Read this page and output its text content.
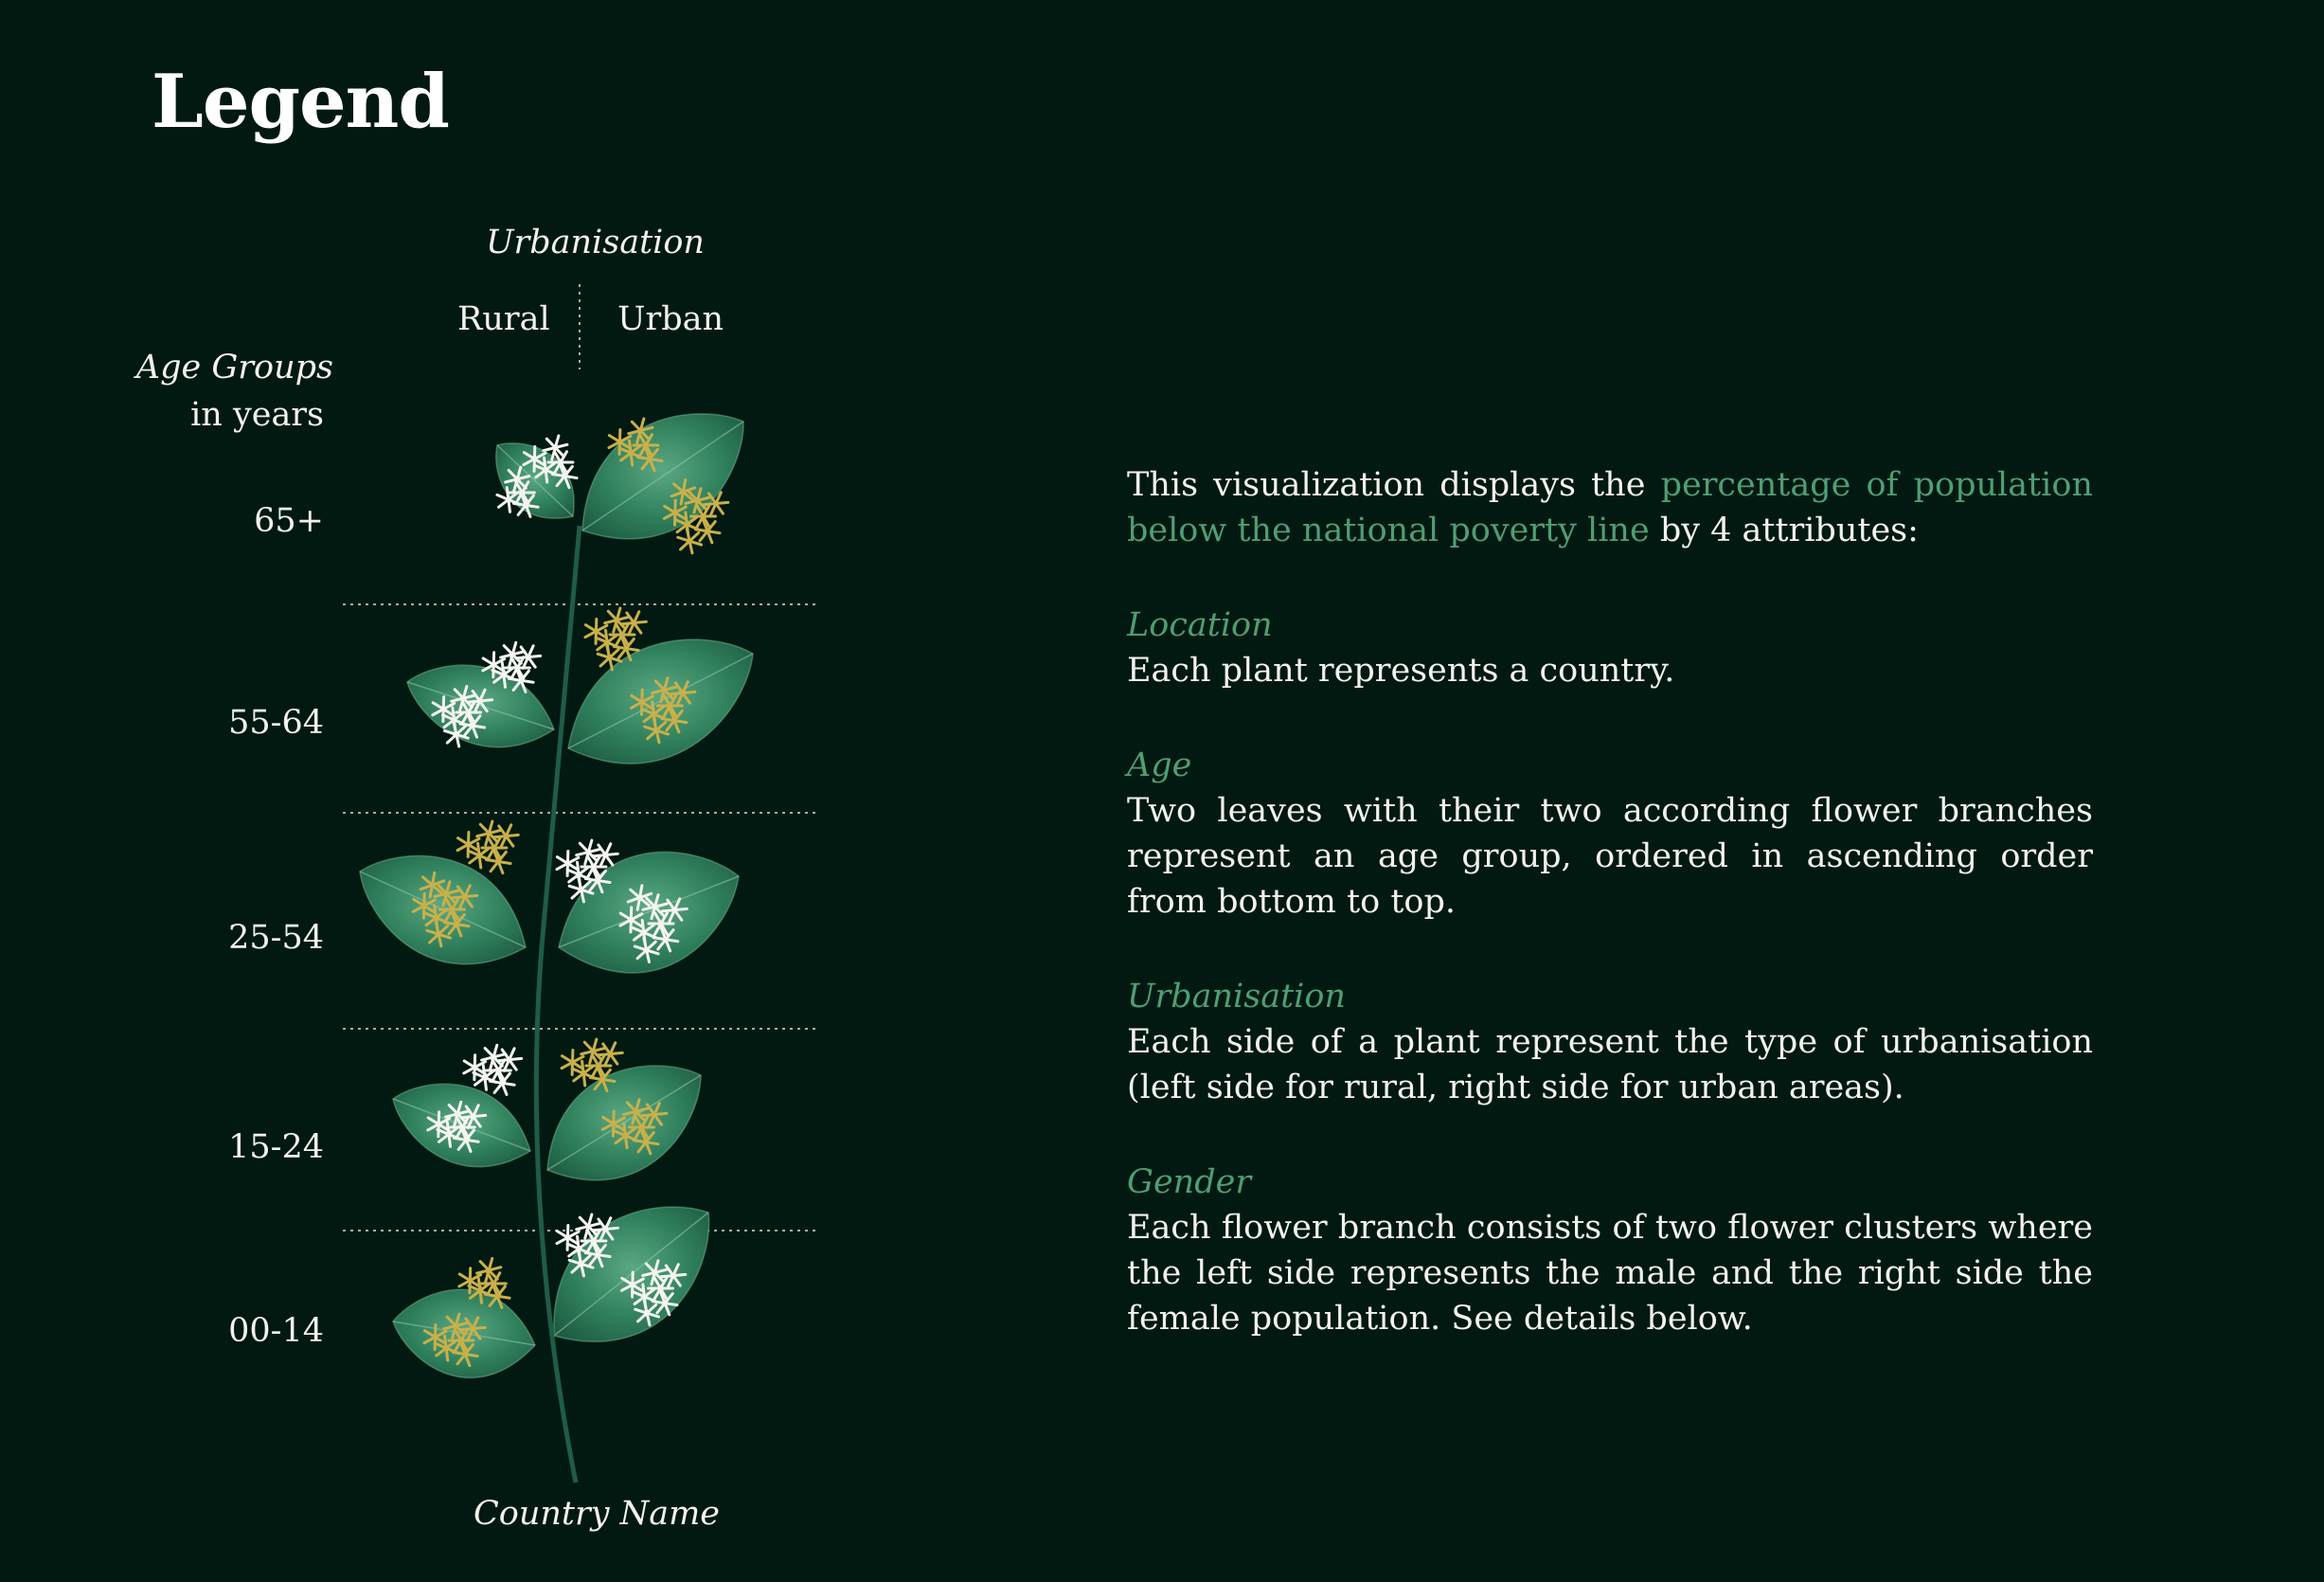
Legend
Urbanisation
Rural Urban
Age Groups
in years
65+
55-64
25-54
15-24
00-14
Country Name

This visualization displays the percentage of population below the national poverty line by 4 attributes:

Location
Each plant represents a country.
Age
Two leaves with their two according flower branches represent an age group, ordered in ascending order from bottom to top.
Urbanisation
Each side of a plant represent the type of urbanisation (left side for rural, right side for urban areas).
Gender
Each flower branch consists of two flower clusters where the left side represents the male and the right side the female population. See details below.
